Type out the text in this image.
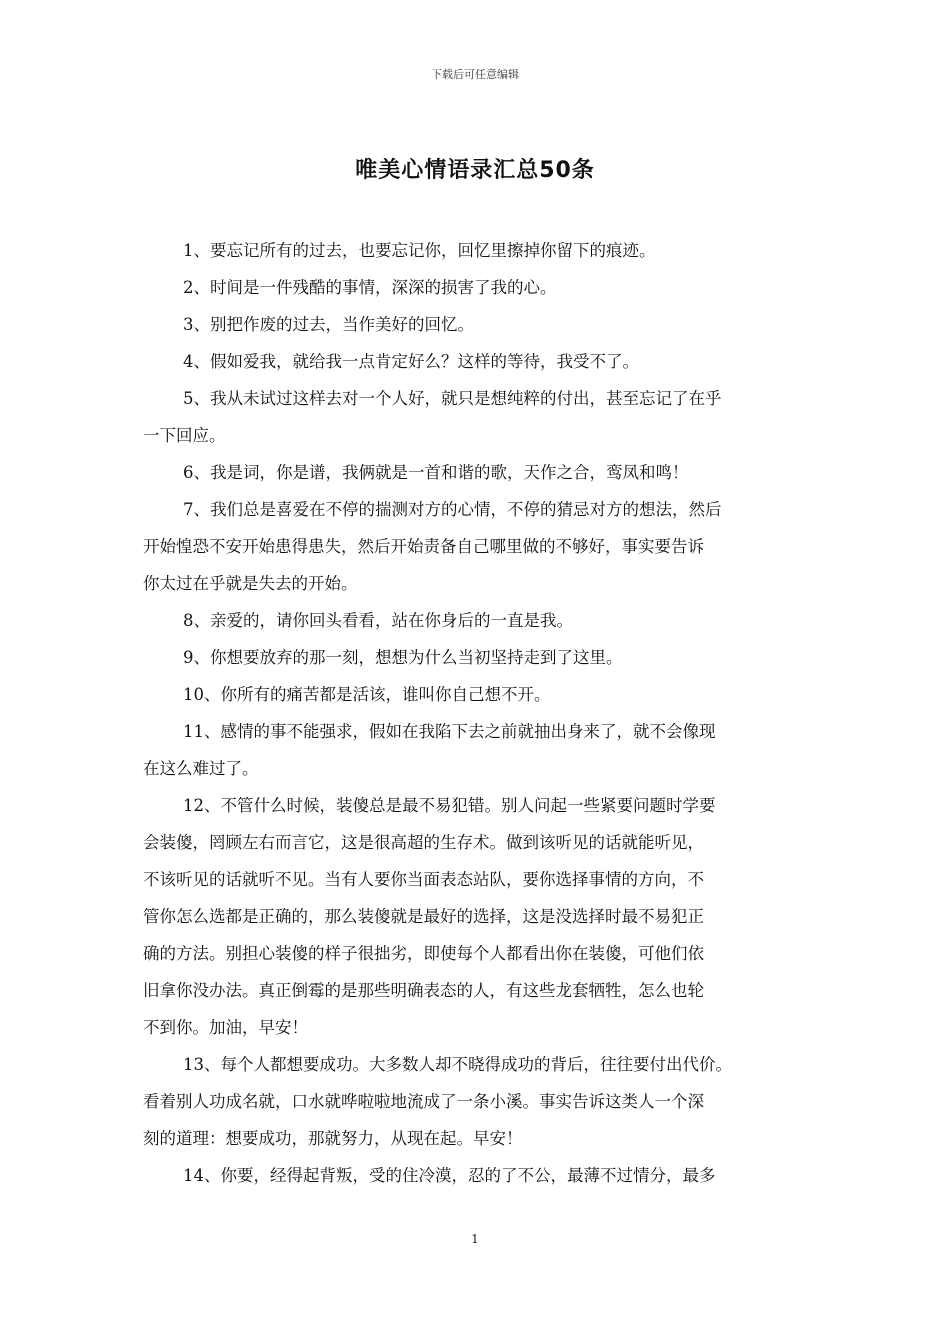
下载后可任意编辑
唯美心情语录汇总50条

1、要忘记所有的过去，也要忘记你，回忆里擦掉你留下的痕迹。

2、时间是一件残酷的事情，深深的损害了我的心。

3、别把作废的过去，当作美好的回忆。

4、假如爱我，就给我一点肯定好么？这样的等待，我受不了。

5、我从未试过这样去对一个人好，就只是想纯粹的付出，甚至忘记了在乎
一下回应。

6、我是词，你是谱，我俩就是一首和谐的歌，天作之合，鸾凤和鸣！

7、我们总是喜爱在不停的揣测对方的心情，不停的猜忌对方的想法，然后
开始惶恐不安开始患得患失，然后开始责备自己哪里做的不够好，事实要告诉
你太过在乎就是失去的开始。

8、亲爱的，请你回头看看，站在你身后的一直是我。

9、你想要放弃的那一刻，想想为什么当初坚持走到了这里。

10、你所有的痛苦都是活该，谁叫你自己想不开。

11、感情的事不能强求，假如在我陷下去之前就抽出身来了，就不会像现
在这么难过了。

12、不管什么时候，装傻总是最不易犯错。别人问起一些紧要问题时学要
会装傻，罔顾左右而言它，这是很高超的生存术。做到该听见的话就能听见，
不该听见的话就听不见。当有人要你当面表态站队，要你选择事情的方向，不
管你怎么选都是正确的，那么装傻就是最好的选择，这是没选择时最不易犯正
确的方法。别担心装傻的样子很拙劣，即使每个人都看出你在装傻，可他们依
旧拿你没办法。真正倒霉的是那些明确表态的人，有这些龙套牺牲，怎么也轮
不到你。加油，早安！

13、每个人都想要成功。大多数人却不晓得成功的背后，往往要付出代价。
看着别人功成名就，口水就哗啦啦地流成了一条小溪。事实告诉这类人一个深
刻的道理：想要成功，那就努力，从现在起。早安！

14、你要，经得起背叛，受的住冷漠，忍的了不公，最薄不过情分，最多

1
